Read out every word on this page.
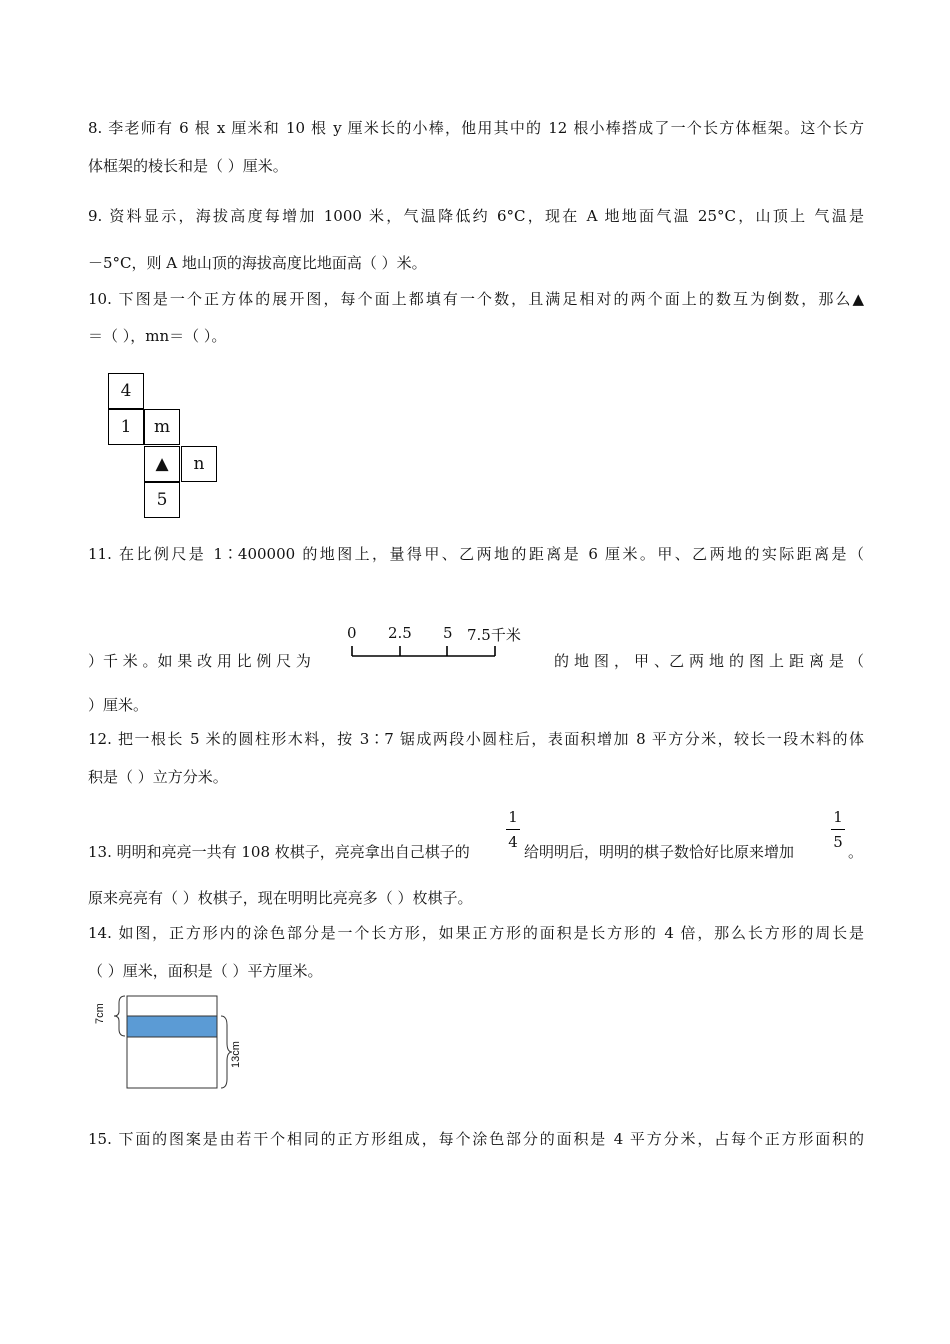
8. 李老师有 6 根 x 厘米和 10 根 y 厘米长的小棒，他用其中的 12 根小棒搭成了一个长方体框架。这个长方
体框架的棱长和是（ ）厘米。
9. 资料显示，海拔高度每增加 1000 米，气温降低约 6°C，现在 A 地地面气温 25°C，山顶上 气温是
－5°C，则 A 地山顶的海拔高度比地面高（ ）米。
10. 下图是一个正方体的展开图，每个面上都填有一个数，且满足相对的两个面上的数互为倒数，那么▲
＝（ ），mn＝（ ）。
4
1	m
▲	n
5
11. 在比例尺是 1∶400000 的地图上，量得甲、乙两地的距离是 6 厘米。甲、乙两地的实际距离是（
）千 米 。如 果 改 用 比 例 尺 为
0 2.5 5 7.5千米
的 地 图 ， 甲 、乙 两 地 的 图 上 距 离 是 （
）厘米。
12. 把一根长 5 米的圆柱形木料，按 3∶7 锯成两段小圆柱后，表面积增加 8 平方分米，较长一段木料的体
积是（ ）立方分米。
13. 明明和亮亮一共有 108 枚棋子，亮亮拿出自己棋子的
1
4
给明明后，明明的棋子数恰好比原来增加
1
5
。
原来亮亮有（ ）枚棋子，现在明明比亮亮多（ ）枚棋子。
14. 如图，正方形内的涂色部分是一个长方形，如果正方形的面积是长方形的 4 倍，那么长方形的周长是
（ ）厘米，面积是（ ）平方厘米。
7cm
13cm
15. 下面的图案是由若干个相同的正方形组成，每个涂色部分的面积是 4 平方分米，占每个正方形面积的
